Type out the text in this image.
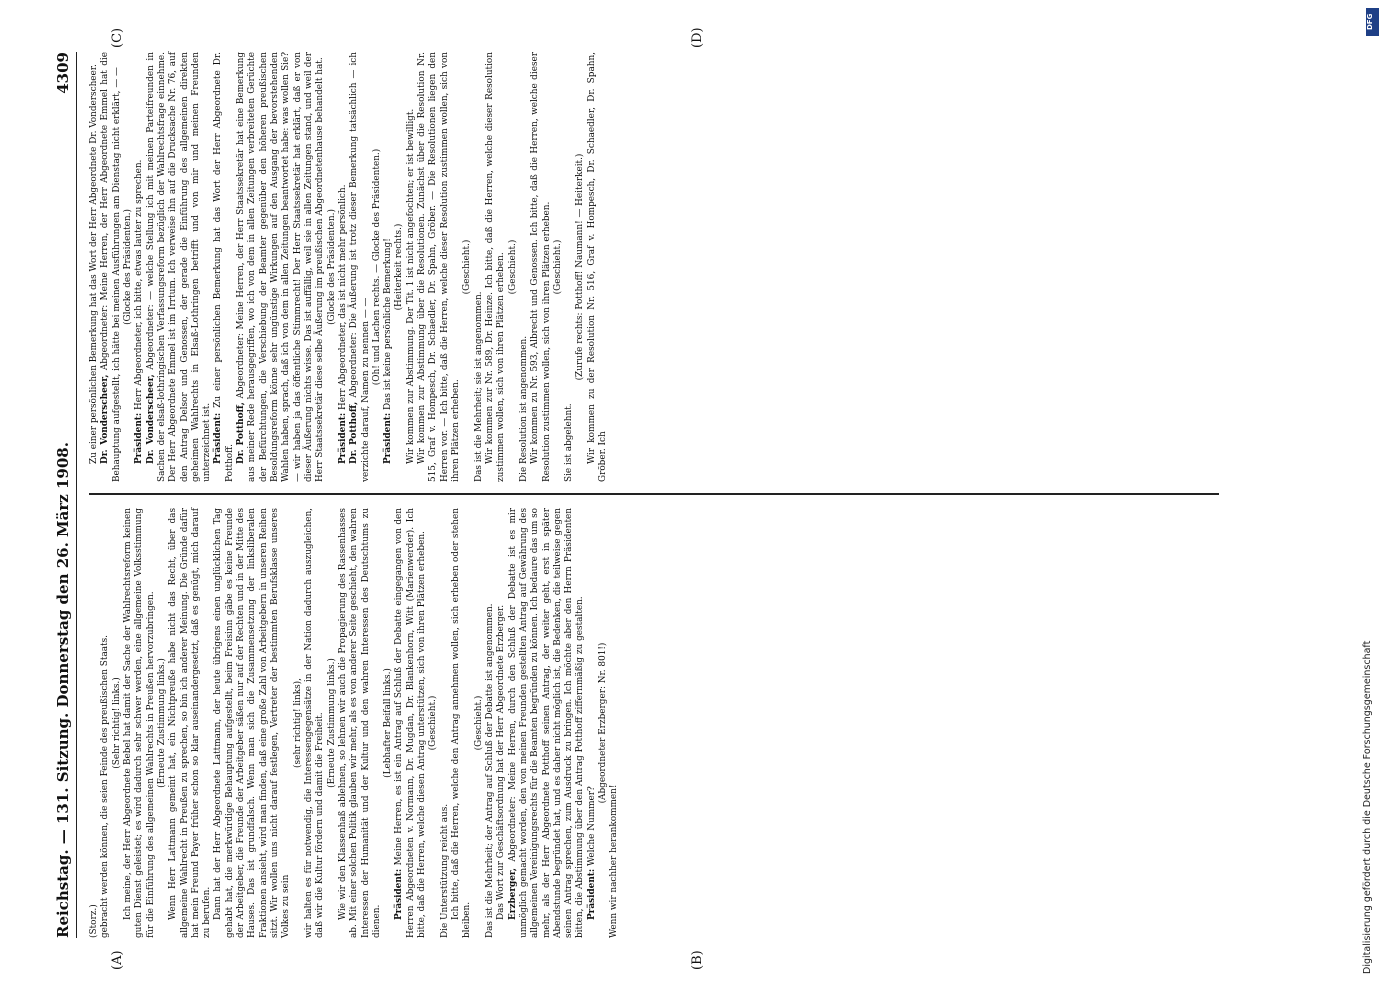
Reichstag. — 131. Sitzung. Donnerstag den 26. März 1908.
4309

(Storz.) gebracht werden können, die seien Feinde des preußischen Staats. (Sehr richtig! links.) Ich meine, der Herr Abgeordnete Bebel hat damit der Sache der Wahlrechtsreform keinen guten Dienst geleistet; es wird dadurch sehr schwer werden, eine allgemeine Volksstimmung für die Einführung des allgemeinen Wahlrechts in Preußen hervorzubringen. (Erneute Zustimmung links.) Wenn Herr Lattmann gemeint hat, ein Nichtpreuße habe nicht das Recht, über das allgemeine Wahlrecht in Preußen zu sprechen, so bin ich anderer Meinung. Die Gründe dafür hat mein Freund Payer früher schon so klar auseinandergesetzt, daß es genügt, mich darauf zu berufen. Dann hat der Herr Abgeordnete Lattmann, der heute übrigens einen unglücklichen Tag gehabt hat, die merkwürdige Behauptung aufgestellt, beim Freisinn gäbe es keine Freunde der Arbeitgeber, die Freunde der Arbeitgeber säßen nur auf der Rechten und in der Mitte des Hauses. Das ist grundfalsch. Wenn man sich die Zusammensetzung der linksliberalen Fraktionen ansieht, wird man finden, daß eine große Zahl von Arbeitgebern in unseren Reihen sitzt. Wir wollen uns nicht darauf festlegen, Vertreter der bestimmten Berufsklasse unseres Volkes zu sein

(sehr richtig! links), wir halten es für notwendig, die Interessengegensätze in der Nation dadurch auszugleichen, daß wir die Kultur fördern und damit die Freiheit. (Erneute Zustimmung links.) Wie wir den Klassenhaß ablehnen, so lehnen wir auch die Propagierung des Rassenhasses ab. Mit einer solchen Politik glauben wir mehr, als es von anderer Seite geschieht, den wahren Interessen der Humanität und der Kultur und den wahren Interessen des Deutschtums zu dienen.

(Lebhafter Beifall links.)

Präsident: Meine Herren, es ist ein Antrag auf Schluß der Debatte eingegangen von den Herren Abgeordneten v. Normann, Dr. Mugdan, Dr. Blankenhorn, Witt (Marienwerder). Ich bitte, daß die Herren, welche diesen Antrag unterstützen, sich von ihren Plätzen erheben. (Geschieht.)

Die Unterstützung reicht aus. Ich bitte, daß die Herren, welche den Antrag annehmen wollen, sich erheben oder stehen bleiben.

(Geschieht.) Das ist die Mehrheit; der Antrag auf Schluß der Debatte ist angenommen. Das Wort zur Geschäftsordnung hat der Herr Abgeordnete Erzberger. Erzberger, Abgeordneter: Meine Herren, durch den Schluß der Debatte ist es mir unmöglich gemacht worden, den von meinen Freunden gestellten Antrag auf Gewährung des allgemeinen Vereinigungsrechts für die Beamten begründen zu können. Ich bedaure das um so mehr, als der Herr Abgeordnete Potthoff seinen Antrag, der weiter geht, erst in später Abendstunde begründet hat, und es daher nicht möglich ist, die Bedenken, die teilweise gegen seinen Antrag sprechen, zum Ausdruck zu bringen. Ich möchte aber den Herrn Präsidenten bitten, die Abstimmung über den Antrag Potthoff ziffernmäßig zu gestalten. Präsident: Welche Nummer?

(Abgeordneter Erzberger: Nr. 801!)

Wenn wir nachher herankommen!

Zu einer persönlichen Bemerkung hat das Wort der Herr Abgeordnete Dr. Vonderscheer. Dr. Vonderscheer, Abgeordneter: Meine Herren, der Herr Abgeordnete Emmel hat die Behauptung aufgestellt, ich hätte bei meinen Ausführungen am Dienstag nicht erklärt, — — (Glocke des Präsidenten.)

Präsident: Herr Abgeordneter, ich bitte, etwas lauter zu sprechen.

Dr. Vonderscheer, Abgeordneter: — welche Stellung ich mit meinen Parteifreunden in Sachen der elsaß-lothringischen Verfassungsreform bezüglich der Wahlrechtsfrage einnehme. Der Herr Abgeordnete Emmel ist im Irrtum. Ich verweise ihn auf die Drucksache Nr. 76, auf den Antrag Delsor und Genossen, der gerade die Einführung des allgemeinen direkten geheimen Wahlrechts in Elsaß-Lothringen betrifft und von mir und meinen Freunden unterzeichnet ist. Präsident: Zu einer persönlichen Bemerkung hat das Wort der Herr Abgeordnete Dr. Potthoff. Dr. Potthoff, Abgeordneter: Meine Herren, der Herr Staatssekretär hat eine Bemerkung aus meiner Rede herausgegriffen, wo ich von dem in allen Zeitungen verbreiteten Gerüchte der Befürchtungen, die Verschiebung der Beamter gegenüber den höheren preußischen Besoldungsreform könne sehr ungünstige Wirkungen auf den Ausgang der bevorstehenden Wahlen haben, sprach, daß ich von dem in allen Zeitungen beantwortet habe: was wollen Sie? — wir haben ja das öffentliche Stimmrecht! Der Herr Staatssekretär hat erklärt, daß er von dieser Äußerung nichts wisse. Das ist auffällig, weil sie in allen Zeitungen stand, und weil der Herr Staatssekretär diese selbe Äußerung im preußischen Abgeordnetenhause behandelt hat. (Glocke des Präsidenten.)

Präsident: Herr Abgeordneter, das ist nicht mehr persönlich.

Dr. Potthoff, Abgeordneter: Die Äußerung ist trotz dieser Bemerkung tatsächlich — ich verzichte darauf, Namen zu nennen — —

(Oh! und Lachen rechts. — Glocke des Präsidenten.)

Präsident: Das ist keine persönliche Bemerkung! (Heiterkeit rechts.) Wir kommen zur Abstimmung. Der Tit. 1 ist nicht angefochten; er ist bewilligt. Wir kommen zur Abstimmung über die Resolutionen. Zunächst über die Resolution Nr. 515, Graf v. Hompesch, Dr. Schaedler, Dr. Spahn, Gröber. — Die Resolutionen liegen den Herren vor. — Ich bitte, daß die Herren, welche dieser Resolution zustimmen wollen, sich von ihren Plätzen erheben.

(Geschieht.)

Das ist die Mehrheit; sie ist angenommen. Wir kommen zur Nr. 589, Dr. Heinze. Ich bitte, daß die Herren, welche dieser Resolution zustimmen wollen, sich von ihren Plätzen erheben. (Geschieht.)

Die Resolution ist angenommen. Wir kommen zu Nr. 593, Albrecht und Genossen. Ich bitte, daß die Herren, welche dieser Resolution zustimmen wollen, sich von ihren Plätzen erheben. (Geschieht.)

Sie ist abgelehnt.

(Zurufe rechts: Potthoff! Naumann! — Heiterkeit.) Wir kommen zu der Resolution Nr. 516, Graf v. Hompesch, Dr. Schaedler, Dr. Spahn, Gröber. Ich

(A)	(B)
(C)	(D)
DFG
Digitalisierung gefördert durch die Deutsche Forschungsgemeinschaft
